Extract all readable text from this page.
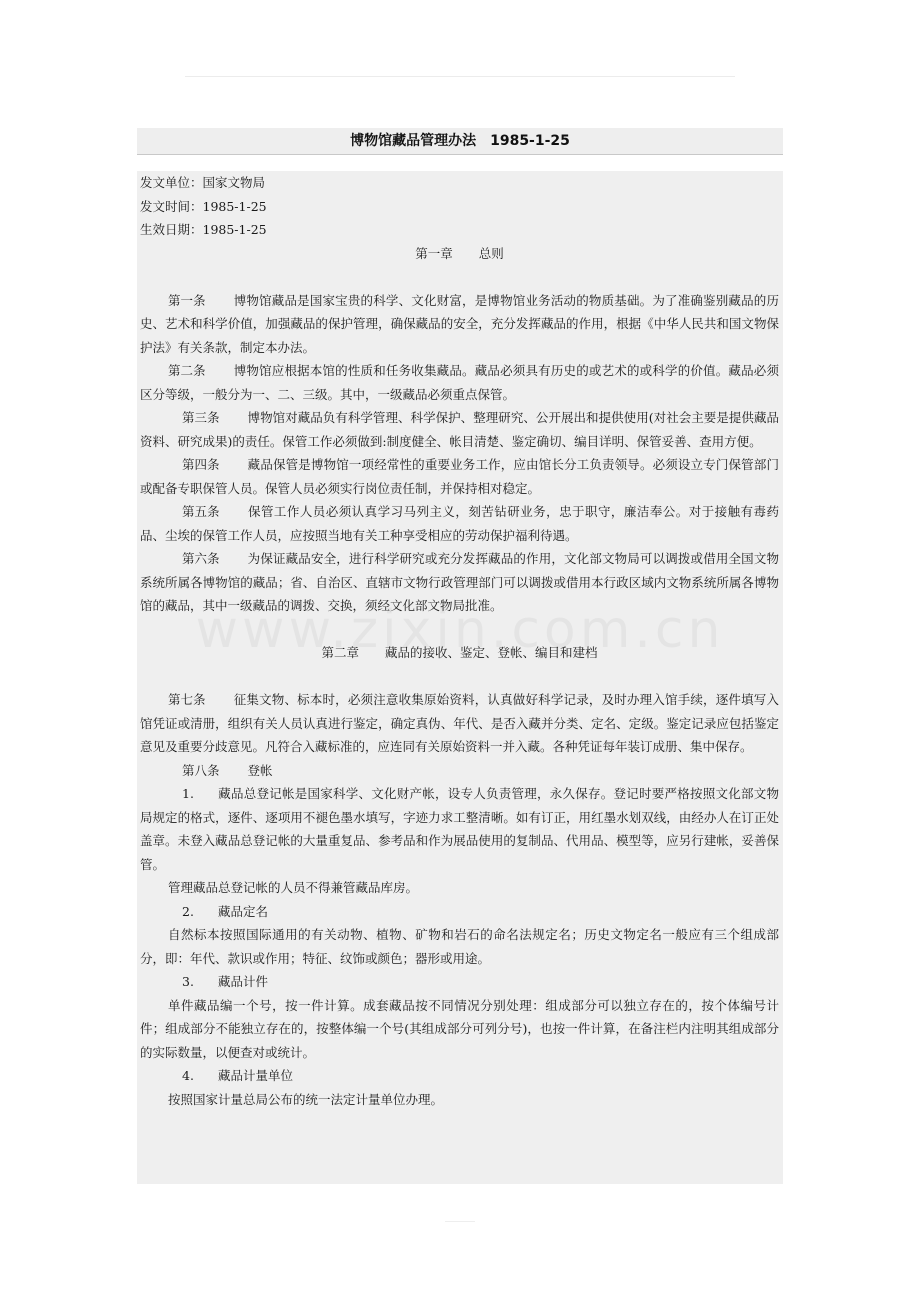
博物馆藏品管理办法　1985-1-25
发文单位：国家文物局
发文时间：1985-1-25
生效日期：1985-1-25

第一章 总则

第一条 博物馆藏品是国家宝贵的科学、文化财富，是博物馆业务活动的物质基础。为了准确鉴别藏品的历史、艺术和科学价值，加强藏品的保护管理，确保藏品的安全，充分发挥藏品的作用，根据《中华人民共和国文物保护法》有关条款，制定本办法。

第二条 博物馆应根据本馆的性质和任务收集藏品。藏品必须具有历史的或艺术的或科学的价值。藏品必须区分等级，一般分为一、二、三级。其中，一级藏品必须重点保管。

第三条 博物馆对藏品负有科学管理、科学保护、整理研究、公开展出和提供使用(对社会主要是提供藏品资料、研究成果)的责任。保管工作必须做到:制度健全、帐目清楚、鉴定确切、编目详明、保管妥善、查用方便。

第四条 藏品保管是博物馆一项经常性的重要业务工作，应由馆长分工负责领导。必须设立专门保管部门或配备专职保管人员。保管人员必须实行岗位责任制，并保持相对稳定。

第五条 保管工作人员必须认真学习马列主义，刻苦钻研业务，忠于职守，廉洁奉公。对于接触有毒药品、尘埃的保管工作人员，应按照当地有关工种享受相应的劳动保护福利待遇。

第六条 为保证藏品安全，进行科学研究或充分发挥藏品的作用，文化部文物局可以调拨或借用全国文物系统所属各博物馆的藏品；省、自治区、直辖市文物行政管理部门可以调拨或借用本行政区域内文物系统所属各博物馆的藏品，其中一级藏品的调拨、交换，须经文化部文物局批准。

第二章 藏品的接收、鉴定、登帐、编目和建档

第七条 征集文物、标本时，必须注意收集原始资料，认真做好科学记录，及时办理入馆手续，逐件填写入馆凭证或清册，组织有关人员认真进行鉴定，确定真伪、年代、是否入藏并分类、定名、定级。鉴定记录应包括鉴定意见及重要分歧意见。凡符合入藏标准的，应连同有关原始资料一并入藏。各种凭证每年装订成册、集中保存。

第八条 登帐

1. 藏品总登记帐是国家科学、文化财产帐，设专人负责管理，永久保存。登记时要严格按照文化部文物局规定的格式，逐件、逐项用不褪色墨水填写，字迹力求工整清晰。如有订正，用红墨水划双线，由经办人在订正处盖章。未登入藏品总登记帐的大量重复品、参考品和作为展品使用的复制品、代用品、模型等，应另行建帐，妥善保管。

管理藏品总登记帐的人员不得兼管藏品库房。

2. 藏品定名

自然标本按照国际通用的有关动物、植物、矿物和岩石的命名法规定名；历史文物定名一般应有三个组成部分，即：年代、款识或作用；特征、纹饰或颜色；器形或用途。

3. 藏品计件

单件藏品编一个号，按一件计算。成套藏品按不同情况分别处理：组成部分可以独立存在的，按个体编号计件；组成部分不能独立存在的，按整体编一个号(其组成部分可列分号)，也按一件计算，在备注栏内注明其组成部分的实际数量，以便查对或统计。

4. 藏品计量单位

按照国家计量总局公布的统一法定计量单位办理。
